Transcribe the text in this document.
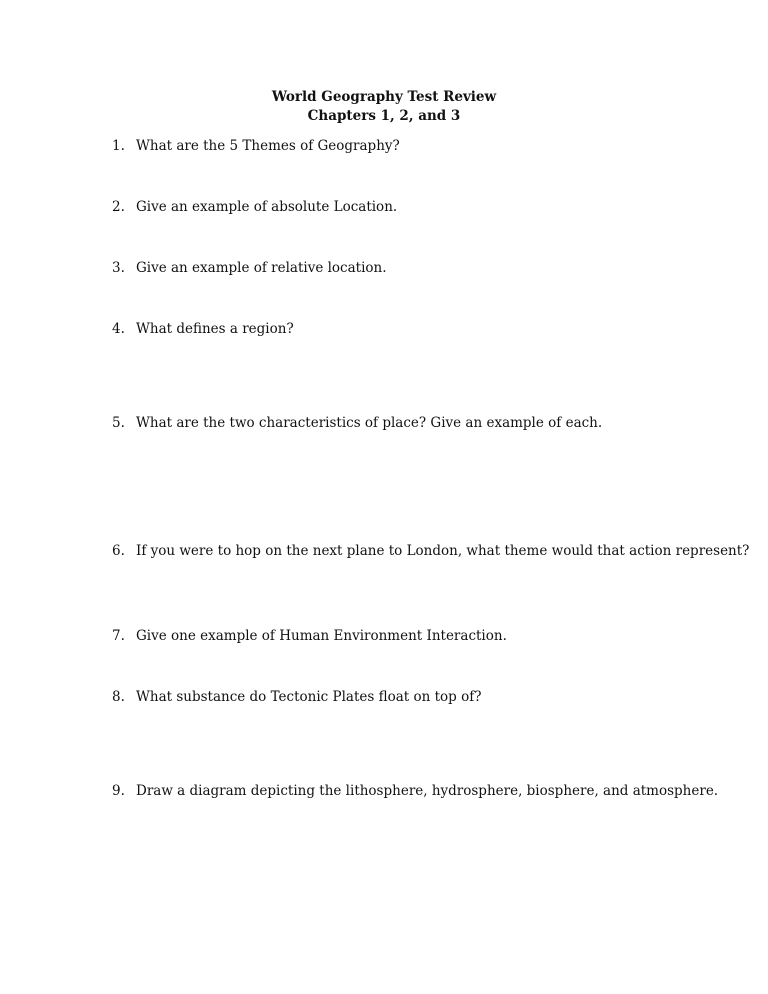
World Geography Test Review
Chapters 1, 2, and 3
1. What are the 5 Themes of Geography?
2. Give an example of absolute Location.
3. Give an example of relative location.
4. What defines a region?
5. What are the two characteristics of place? Give an example of each.
6. If you were to hop on the next plane to London, what theme would that action represent?
7. Give one example of Human Environment Interaction.
8. What substance do Tectonic Plates float on top of?
9. Draw a diagram depicting the lithosphere, hydrosphere, biosphere, and atmosphere.
